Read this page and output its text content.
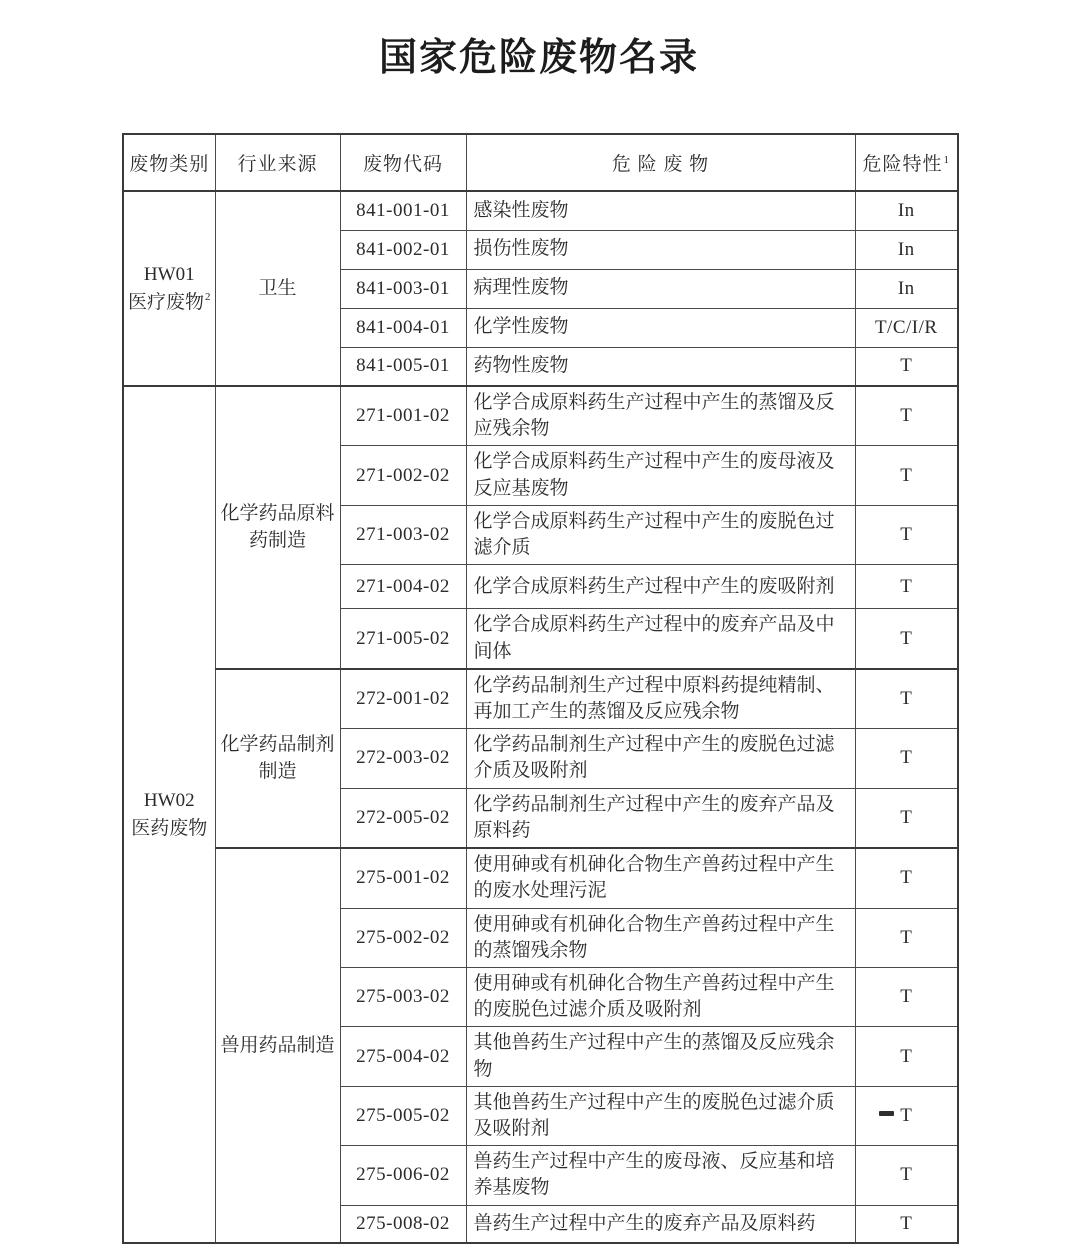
国家危险废物名录
废物类别	行业来源	废物代码	危 险 废 物	危险特性$^1$

HW01
医疗废物$^2$	卫生	841-001-01	感染性废物	In
		841-002-01	损伤性废物	In
		841-003-01	病理性废物	In
		841-004-01	化学性废物	T/C/I/R
		841-005-01	药物性废物	T

HW02
医药废物	化学药品原料药制造	271-001-02	化学合成原料药生产过程中产生的蒸馏及反应残余物	T
		271-002-02	化学合成原料药生产过程中产生的废母液及反应基废物	T
		271-003-02	化学合成原料药生产过程中产生的废脱色过滤介质	T
		271-004-02	化学合成原料药生产过程中产生的废吸附剂	T
		271-005-02	化学合成原料药生产过程中的废弃产品及中间体	T
	化学药品制剂制造	272-001-02	化学药品制剂生产过程中原料药提纯精制、再加工产生的蒸馏及反应残余物	T
		272-003-02	化学药品制剂生产过程中产生的废脱色过滤介质及吸附剂	T
		272-005-02	化学药品制剂生产过程中产生的废弃产品及原料药	T
	兽用药品制造	275-001-02	使用砷或有机砷化合物生产兽药过程中产生的废水处理污泥	T
		275-002-02	使用砷或有机砷化合物生产兽药过程中产生的蒸馏残余物	T
		275-003-02	使用砷或有机砷化合物生产兽药过程中产生的废脱色过滤介质及吸附剂	T
		275-004-02	其他兽药生产过程中产生的蒸馏及反应残余物	T
		275-005-02	其他兽药生产过程中产生的废脱色过滤介质及吸附剂	T
		275-006-02	兽药生产过程中产生的废母液、反应基和培养基废物	T
		275-008-02	兽药生产过程中产生的废弃产品及原料药	T
